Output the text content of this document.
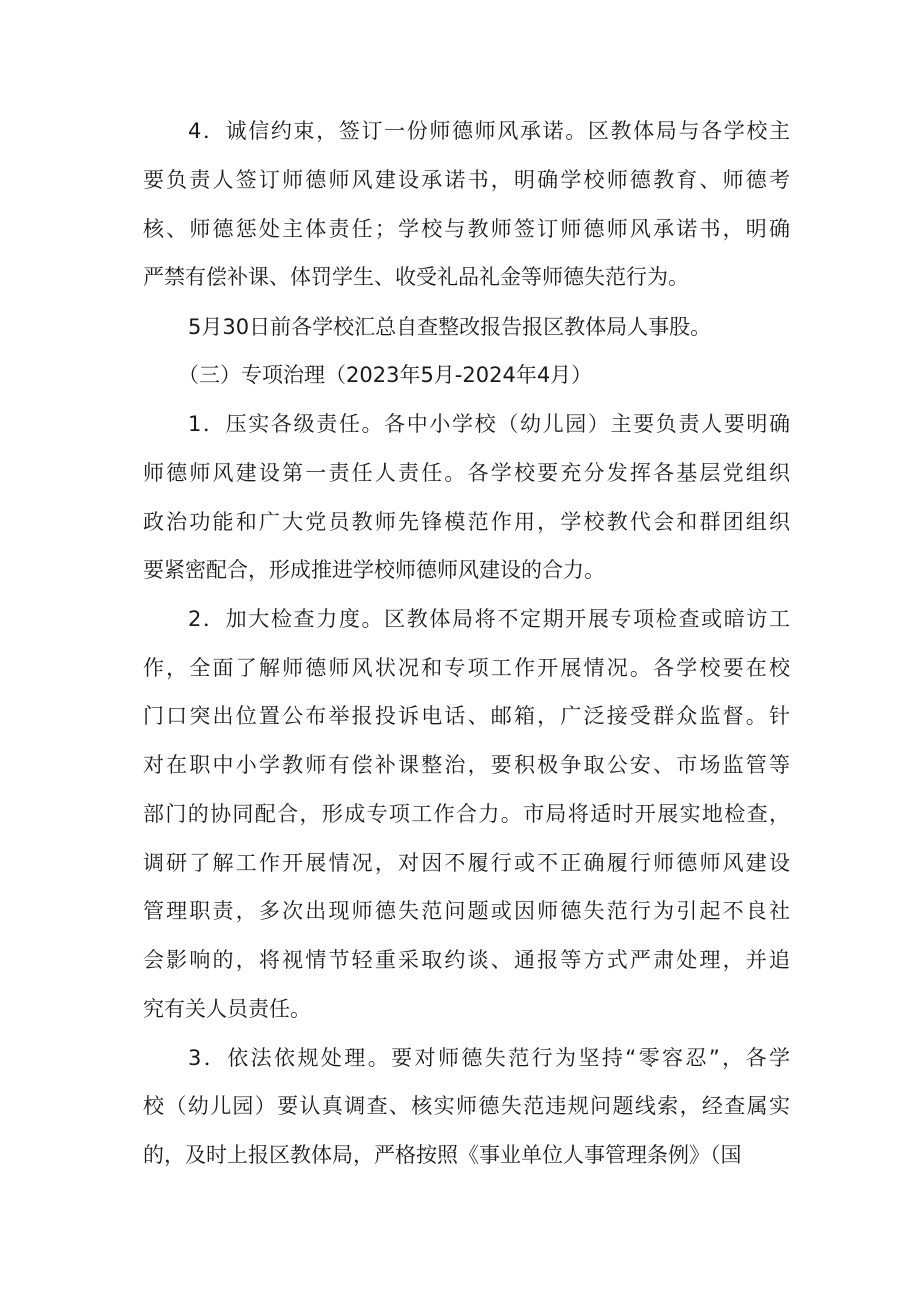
4．诚信约束，签订一份师德师风承诺。区教体局与各学校主
要负责人签订师德师风建设承诺书，明确学校师德教育、师德考
核、师德惩处主体责任；学校与教师签订师德师风承诺书，明确
严禁有偿补课、体罚学生、收受礼品礼金等师德失范行为。
5月30日前各学校汇总自查整改报告报区教体局人事股。
（三）专项治理（2023年5月-2024年4月）
1．压实各级责任。各中小学校（幼儿园）主要负责人要明确
师德师风建设第一责任人责任。各学校要充分发挥各基层党组织
政治功能和广大党员教师先锋模范作用，学校教代会和群团组织
要紧密配合，形成推进学校师德师风建设的合力。
2．加大检查力度。区教体局将不定期开展专项检查或暗访工
作，全面了解师德师风状况和专项工作开展情况。各学校要在校
门口突出位置公布举报投诉电话、邮箱，广泛接受群众监督。针
对在职中小学教师有偿补课整治，要积极争取公安、市场监管等
部门的协同配合，形成专项工作合力。市局将适时开展实地检查，
调研了解工作开展情况，对因不履行或不正确履行师德师风建设
管理职责，多次出现师德失范问题或因师德失范行为引起不良社
会影响的，将视情节轻重采取约谈、通报等方式严肃处理，并追
究有关人员责任。
3．依法依规处理。要对师德失范行为坚持“零容忍”，各学
校（幼儿园）要认真调查、核实师德失范违规问题线索，经查属实
的，及时上报区教体局，严格按照《事业单位人事管理条例》（国
